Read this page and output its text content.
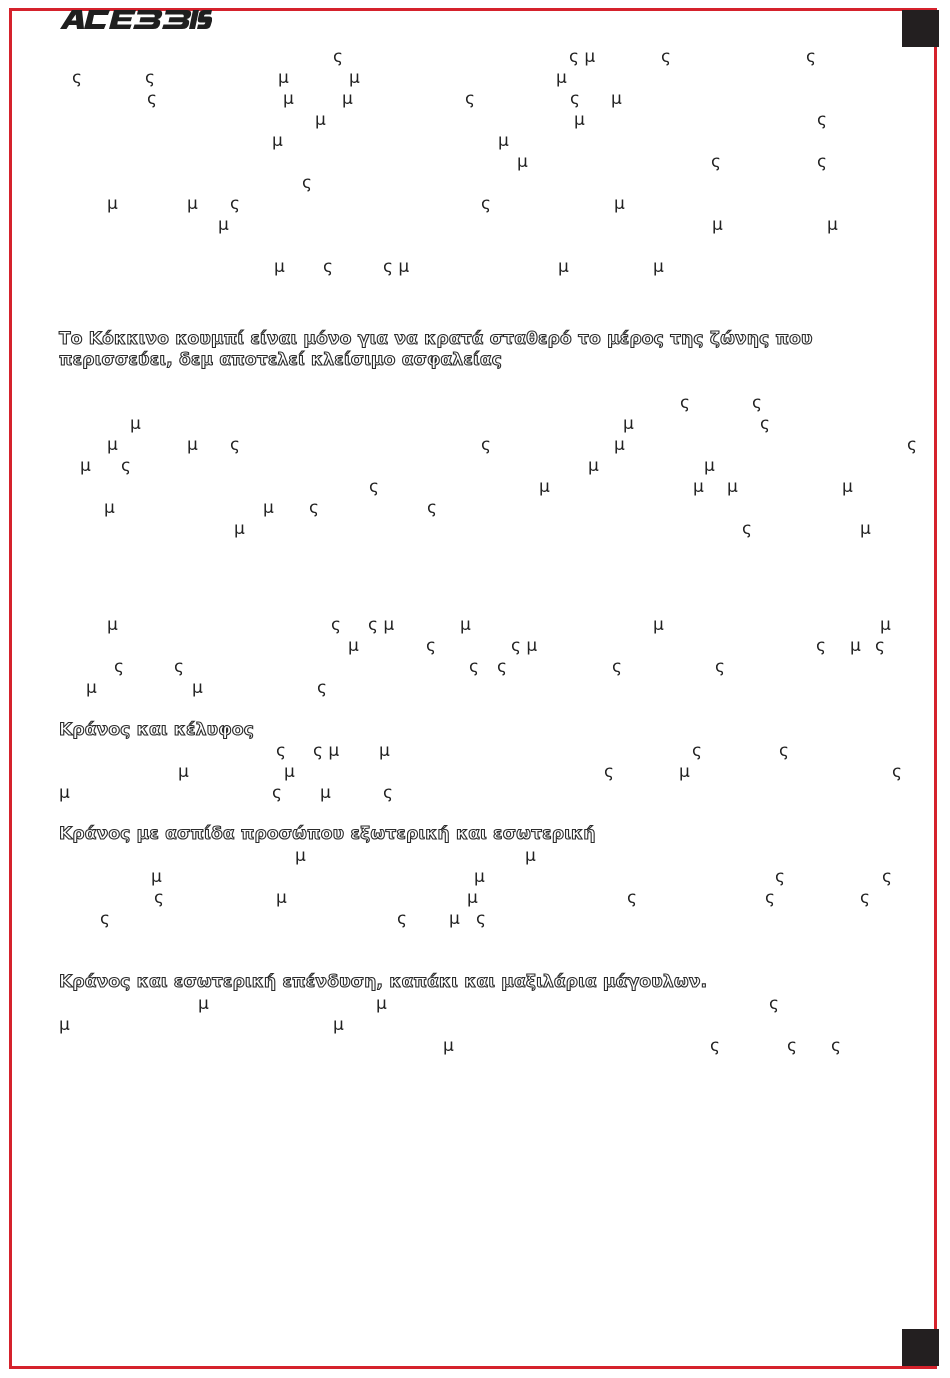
ς	ς μ	ς	ς
ς	ς	μ	μ	μ
ς	μ	μ	ς	ς μ
μ	μ	ς
μ	μ
μ	ς	ς
ς
μ	μ ς	ς	μ
μ	μ	μ
μ ς	ς μ	μ	μ
Το Κόκκινο κουμπί είναι μόνο για να κρατά σταθερό το μέρος της ζώνης που περισσεύει, δεμ αποτελεί κλείσιμο ασφαλείας
ς	ς
μ	μ	ς
μ	μ ς	ς	μ	ς
μ ς	μ	μ
ς	μ	μ μ	μ
μ	μ ς	ς
μ	ς	μ
μ	ς ς μ	μ	μ	μ
μ	ς	ς μ	ς μ ς
ς	ς	ς ς	ς	ς
μ	μ	ς
Κράνος και κέλυφος
ς ς μ μ	ς	ς
μ	μ	ς	μ	ς
μ	ς μ	ς
Κράνος με ασπίδα προσώπου εξωτερική και εσωτερική
μ	μ
μ	μ	ς	ς
ς	μ	μ	ς	ς	ς
ς	ς μ ς
Κράνος και εσωτερική επένδυση, καπάκι και μαξιλάρια μάγουλων.
μ	μ	ς
μ	μ
μ	ς	ς ς
